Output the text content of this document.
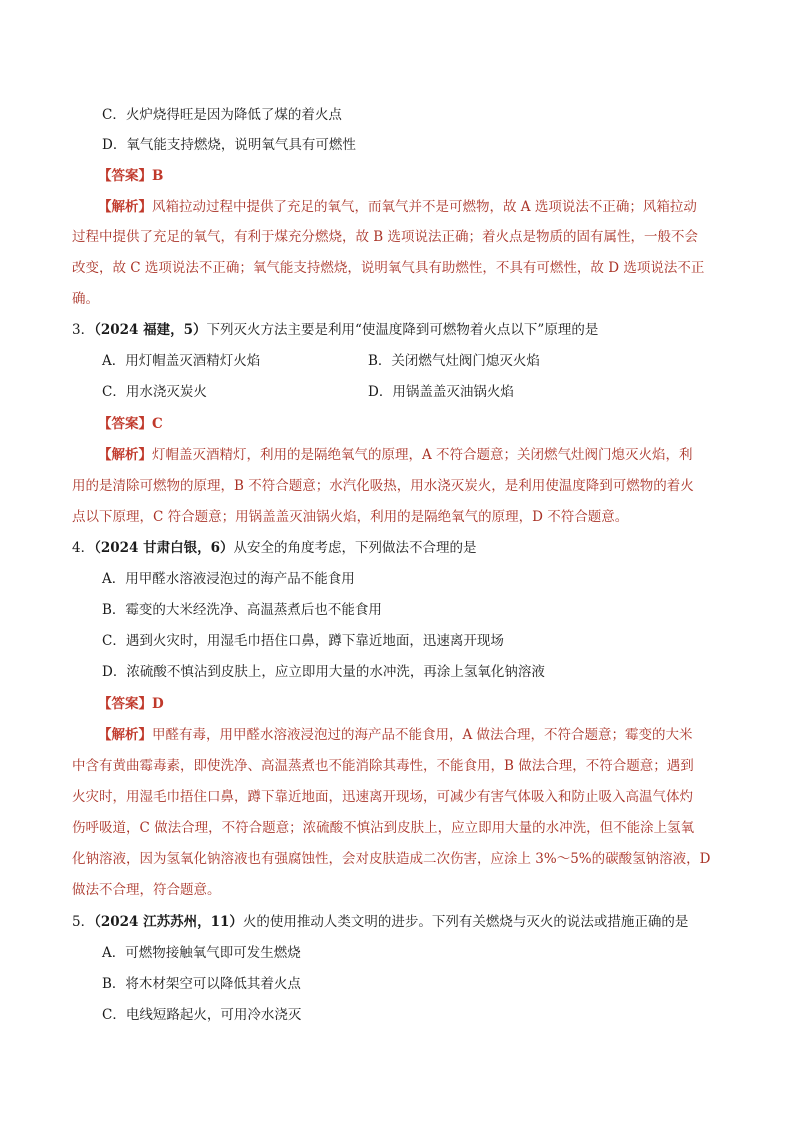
C．火炉烧得旺是因为降低了煤的着火点
D．氧气能支持燃烧，说明氧气具有可燃性
【答案】B
【解析】风箱拉动过程中提供了充足的氧气，而氧气并不是可燃物，故 A 选项说法不正确；风箱拉动
过程中提供了充足的氧气，有利于煤充分燃烧，故 B 选项说法正确；着火点是物质的固有属性，一般不会
改变，故 C 选项说法不正确；氧气能支持燃烧，说明氧气具有助燃性，不具有可燃性，故 D 选项说法不正
确。
3．（2024 福建，5）下列灭火方法主要是利用“使温度降到可燃物着火点以下”原理的是
A．用灯帽盖灭酒精灯火焰	B．关闭燃气灶阀门熄灭火焰
C．用水浇灭炭火	D．用锅盖盖灭油锅火焰
【答案】C
【解析】灯帽盖灭酒精灯，利用的是隔绝氧气的原理，A 不符合题意；关闭燃气灶阀门熄灭火焰，利
用的是清除可燃物的原理，B 不符合题意；水汽化吸热，用水浇灭炭火，是利用使温度降到可燃物的着火
点以下原理，C 符合题意；用锅盖盖灭油锅火焰，利用的是隔绝氧气的原理，D 不符合题意。
4．（2024 甘肃白银，6）从安全的角度考虑，下列做法不合理的是
A．用甲醛水溶液浸泡过的海产品不能食用
B．霉变的大米经洗净、高温蒸煮后也不能食用
C．遇到火灾时，用湿毛巾捂住口鼻，蹲下靠近地面，迅速离开现场
D．浓硫酸不慎沾到皮肤上，应立即用大量的水冲洗，再涂上氢氧化钠溶液
【答案】D
【解析】甲醛有毒，用甲醛水溶液浸泡过的海产品不能食用，A 做法合理，不符合题意；霉变的大米
中含有黄曲霉毒素，即使洗净、高温蒸煮也不能消除其毒性，不能食用，B 做法合理，不符合题意；遇到
火灾时，用湿毛巾捂住口鼻，蹲下靠近地面，迅速离开现场，可减少有害气体吸入和防止吸入高温气体灼
伤呼吸道，C 做法合理，不符合题意；浓硫酸不慎沾到皮肤上，应立即用大量的水冲洗，但不能涂上氢氧
化钠溶液，因为氢氧化钠溶液也有强腐蚀性，会对皮肤造成二次伤害，应涂上 3%～5%的碳酸氢钠溶液，D
做法不合理，符合题意。
5．（2024 江苏苏州，11）火的使用推动人类文明的进步。下列有关燃烧与灭火的说法或措施正确的是
A．可燃物接触氧气即可发生燃烧
B．将木材架空可以降低其着火点
C．电线短路起火，可用冷水浇灭
